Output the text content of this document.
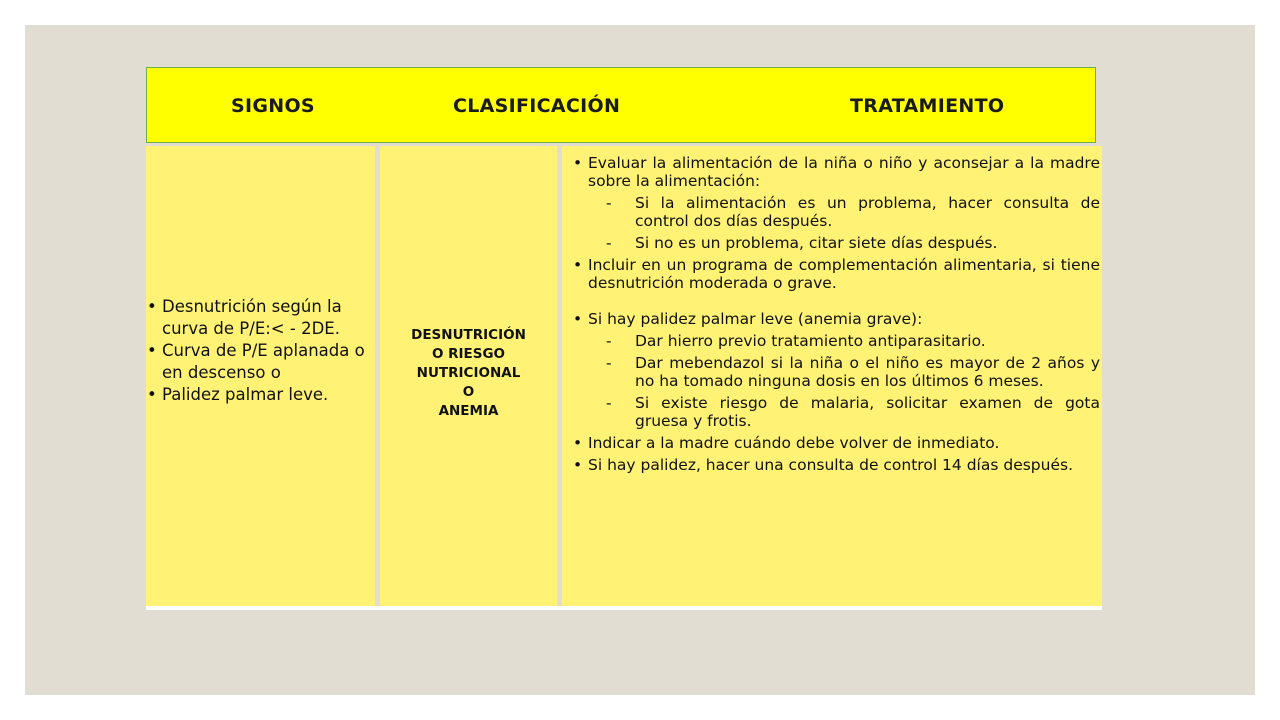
SIGNOS	CLASIFICACIÓN	TRATAMIENTO
• Desnutrición según la curva de P/E:< - 2DE.
• Curva de P/E aplanada o en descenso o
• Palidez palmar leve.
DESNUTRICIÓN
O RIESGO
NUTRICIONAL
O
ANEMIA

• Evaluar la alimentación de la niña o niño y aconsejar a la madre sobre la alimentación:

- Si la alimentación es un problema, hacer consulta de control dos días después.

- Si no es un problema, citar siete días después.

• Incluir en un programa de complementación alimentaria, si tiene desnutrición moderada o grave.

• Si hay palidez palmar leve (anemia grave):

- Dar hierro previo tratamiento antiparasitario.

- Dar mebendazol si la niña o el niño es mayor de 2 años y no ha tomado ninguna dosis en los últimos 6 meses.

- Si existe riesgo de malaria, solicitar examen de gota gruesa y frotis.

• Indicar a la madre cuándo debe volver de inmediato.

• Si hay palidez, hacer una consulta de control 14 días después.
